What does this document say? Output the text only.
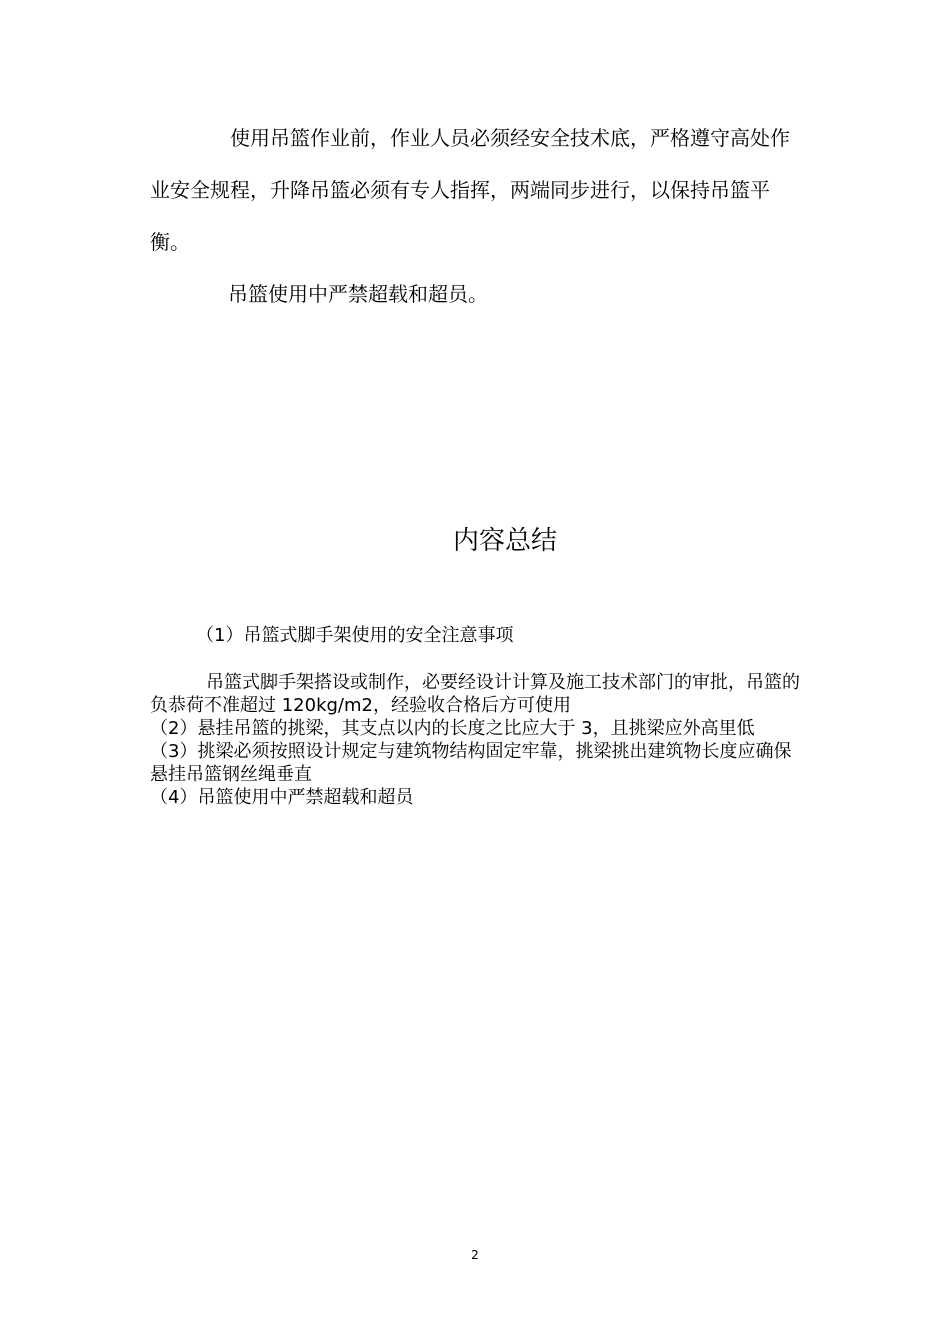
使用吊篮作业前，作业人员必须经安全技术底，严格遵守高处作业安全规程，升降吊篮必须有专人指挥，两端同步进行，以保持吊篮平衡。

吊篮使用中严禁超载和超员。

内容总结

（1）吊篮式脚手架使用的安全注意事项

吊篮式脚手架搭设或制作，必要经设计计算及施工技术部门的审批，吊篮的负恭荷不准超过 120kg/m2，经验收合格后方可使用
（2）悬挂吊篮的挑梁，其支点以内的长度之比应大于 3，且挑梁应外高里低
（3）挑梁必须按照设计规定与建筑物结构固定牢靠，挑梁挑出建筑物长度应确保悬挂吊篮钢丝绳垂直
（4）吊篮使用中严禁超载和超员

2
